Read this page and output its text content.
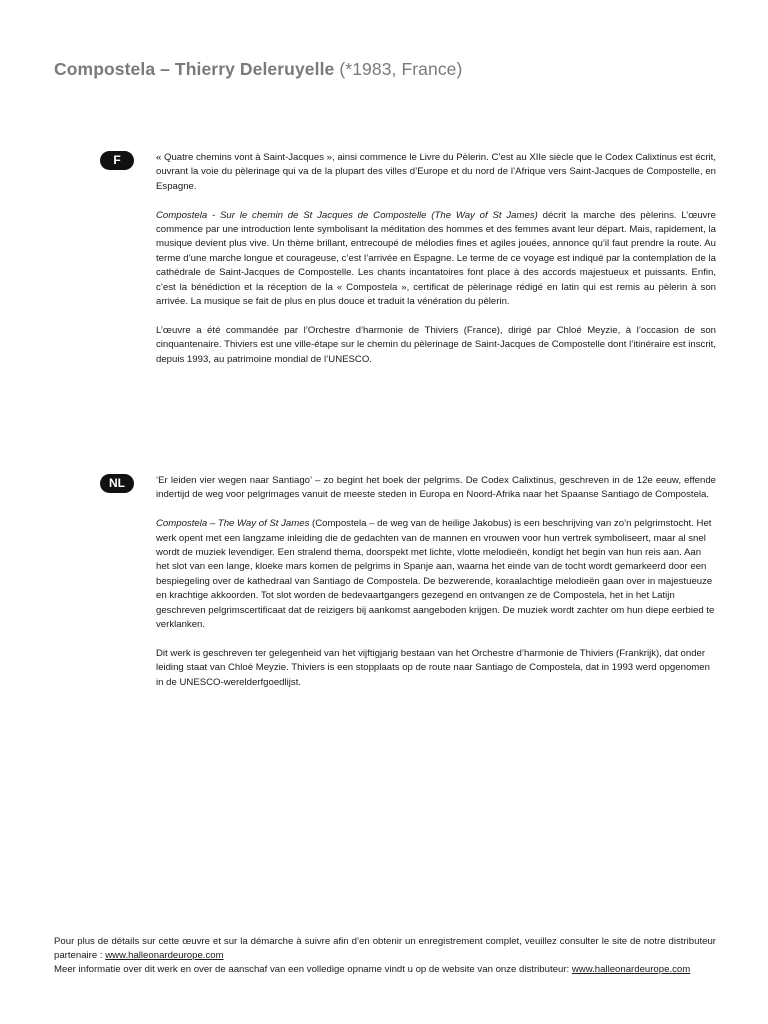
Compostela – Thierry Deleruyelle (*1983, France)
F	« Quatre chemins vont à Saint-Jacques », ainsi commence le Livre du Pèlerin. C’est au XIIe siècle que le Codex Calixtinus est écrit, ouvrant la voie du pèlerinage qui va de la plupart des villes d’Europe et du nord de l’Afrique vers Saint-Jacques de Compostelle, en Espagne.

Compostela - Sur le chemin de St Jacques de Compostelle (The Way of St James) décrit la marche des pèlerins. L’œuvre commence par une introduction lente symbolisant la méditation des hommes et des femmes avant leur départ. Mais, rapidement, la musique devient plus vive. Un thème brillant, entrecoupé de mélodies fines et agiles jouées, annonce qu’il faut prendre la route. Au terme d’une marche longue et courageuse, c’est l’arrivée en Espagne. Le terme de ce voyage est indiqué par la contemplation de la cathédrale de Saint-Jacques de Compostelle. Les chants incantatoires font place à des accords majestueux et puissants. Enfin, c’est la bénédiction et la réception de la « Compostela », certificat de pèlerinage rédigé en latin qui est remis au pèlerin à son arrivée. La musique se fait de plus en plus douce et traduit la vénération du pèlerin.

L’œuvre a été commandée par l’Orchestre d’harmonie de Thiviers (France), dirigé par Chloé Meyzie, à l’occasion de son cinquantenaire. Thiviers est une ville-étape sur le chemin du pèlerinage de Saint-Jacques de Compostelle dont l’itinéraire est inscrit, depuis 1993, au patrimoine mondial de l’UNESCO.

NL	‘Er leiden vier wegen naar Santiago’ – zo begint het boek der pelgrims. De Codex Calixtinus, geschreven in de 12e eeuw, effende indertijd de weg voor pelgrimages vanuit de meeste steden in Europa en Noord-Afrika naar het Spaanse Santiago de Compostela.

Compostela – The Way of St James (Compostela – de weg van de heilige Jakobus) is een beschrijving van zo’n pelgrimstocht. Het werk opent met een langzame inleiding die de gedachten van de mannen en vrouwen voor hun vertrek symboliseert, maar al snel wordt de muziek levendiger. Een stralend thema, doorspekt met lichte, vlotte melodieën, kondigt het begin van hun reis aan. Aan het slot van een lange, kloeke mars komen de pelgrims in Spanje aan, waarna het einde van de tocht wordt gemarkeerd door een bespiegeling over de kathedraal van Santiago de Compostela. De bezwerende, koraalachtige melodieën gaan over in majestueuze en krachtige akkoorden. Tot slot worden de bedevaartgangers gezegend en ontvangen ze de Compostela, het in het Latijn geschreven pelgrimscertificaat dat de reizigers bij aankomst aangeboden krijgen. De muziek wordt zachter om hun diepe eerbied te verklanken.

Dit werk is geschreven ter gelegenheid van het vijftigjarig bestaan van het Orchestre d’harmonie de Thiviers (Frankrijk), dat onder leiding staat van Chloé Meyzie. Thiviers is een stopplaats op de route naar Santiago de Compostela, dat in 1993 werd opgenomen in de UNESCO-werelderfgoedlijst.

Pour plus de détails sur cette œuvre et sur la démarche à suivre afin d’en obtenir un enregistrement complet, veuillez consulter le site de notre distributeur partenaire : www.halleonardeurope.com
Meer informatie over dit werk en over de aanschaf van een volledige opname vindt u op de website van onze distributeur: www.halleonardeurope.com
